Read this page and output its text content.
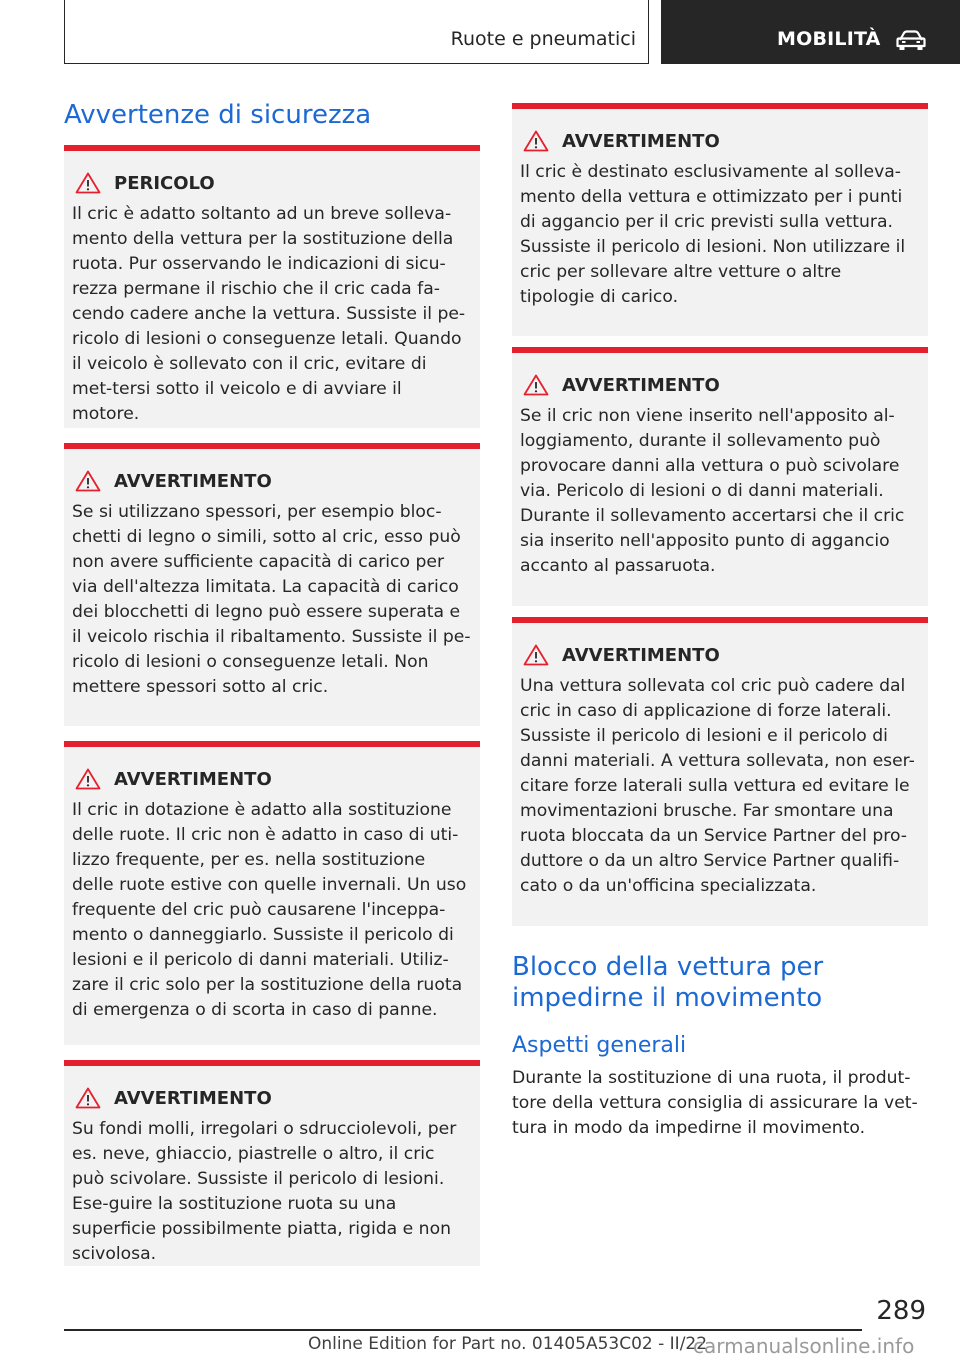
Ruote e pneumatici	MOBILITÀ
Avvertenze di sicurezza
PERICOLO

Il cric è adatto soltanto ad un breve solleva-mento della vettura per la sostituzione della ruota. Pur osservando le indicazioni di sicu-rezza permane il rischio che il cric cada fa-cendo cadere anche la vettura. Sussiste il pe-ricolo di lesioni o conseguenze letali. Quando il veicolo è sollevato con il cric, evitare di met-tersi sotto il veicolo e di avviare il motore.

AVVERTIMENTO

Se si utilizzano spessori, per esempio bloc-chetti di legno o simili, sotto al cric, esso può non avere sufficiente capacità di carico per via dell'altezza limitata. La capacità di carico dei blocchetti di legno può essere superata e il veicolo rischia il ribaltamento. Sussiste il pe-ricolo di lesioni o conseguenze letali. Non mettere spessori sotto al cric.

AVVERTIMENTO

Il cric in dotazione è adatto alla sostituzione delle ruote. Il cric non è adatto in caso di uti-lizzo frequente, per es. nella sostituzione delle ruote estive con quelle invernali. Un uso frequente del cric può causarene l'inceppa-mento o danneggiarlo. Sussiste il pericolo di lesioni e il pericolo di danni materiali. Utiliz-zare il cric solo per la sostituzione della ruota di emergenza o di scorta in caso di panne.

AVVERTIMENTO

Su fondi molli, irregolari o sdrucciolevoli, per es. neve, ghiaccio, piastrelle o altro, il cric può scivolare. Sussiste il pericolo di lesioni. Ese-guire la sostituzione ruota su una superficie possibilmente piatta, rigida e non scivolosa.

AVVERTIMENTO

Il cric è destinato esclusivamente al solleva-mento della vettura e ottimizzato per i punti di aggancio per il cric previsti sulla vettura. Sussiste il pericolo di lesioni. Non utilizzare il cric per sollevare altre vetture o altre tipologie di carico.

AVVERTIMENTO

Se il cric non viene inserito nell'apposito al-loggiamento, durante il sollevamento può provocare danni alla vettura o può scivolare via. Pericolo di lesioni o di danni materiali. Durante il sollevamento accertarsi che il cric sia inserito nell'apposito punto di aggancio accanto al passaruota.

AVVERTIMENTO

Una vettura sollevata col cric può cadere dal cric in caso di applicazione di forze laterali. Sussiste il pericolo di lesioni e il pericolo di danni materiali. A vettura sollevata, non eser-citare forze laterali sulla vettura ed evitare le movimentazioni brusche. Far smontare una ruota bloccata da un Service Partner del pro-duttore o da un altro Service Partner qualifi-cato o da un'officina specializzata.

Blocco della vettura per impedirne il movimento
Aspetti generali

Durante la sostituzione di una ruota, il produt-tore della vettura consiglia di assicurare la vet-tura in modo da impedirne il movimento.

289
Online Edition for Part no. 01405A53C02 - II/22
carmanualsonline.info
